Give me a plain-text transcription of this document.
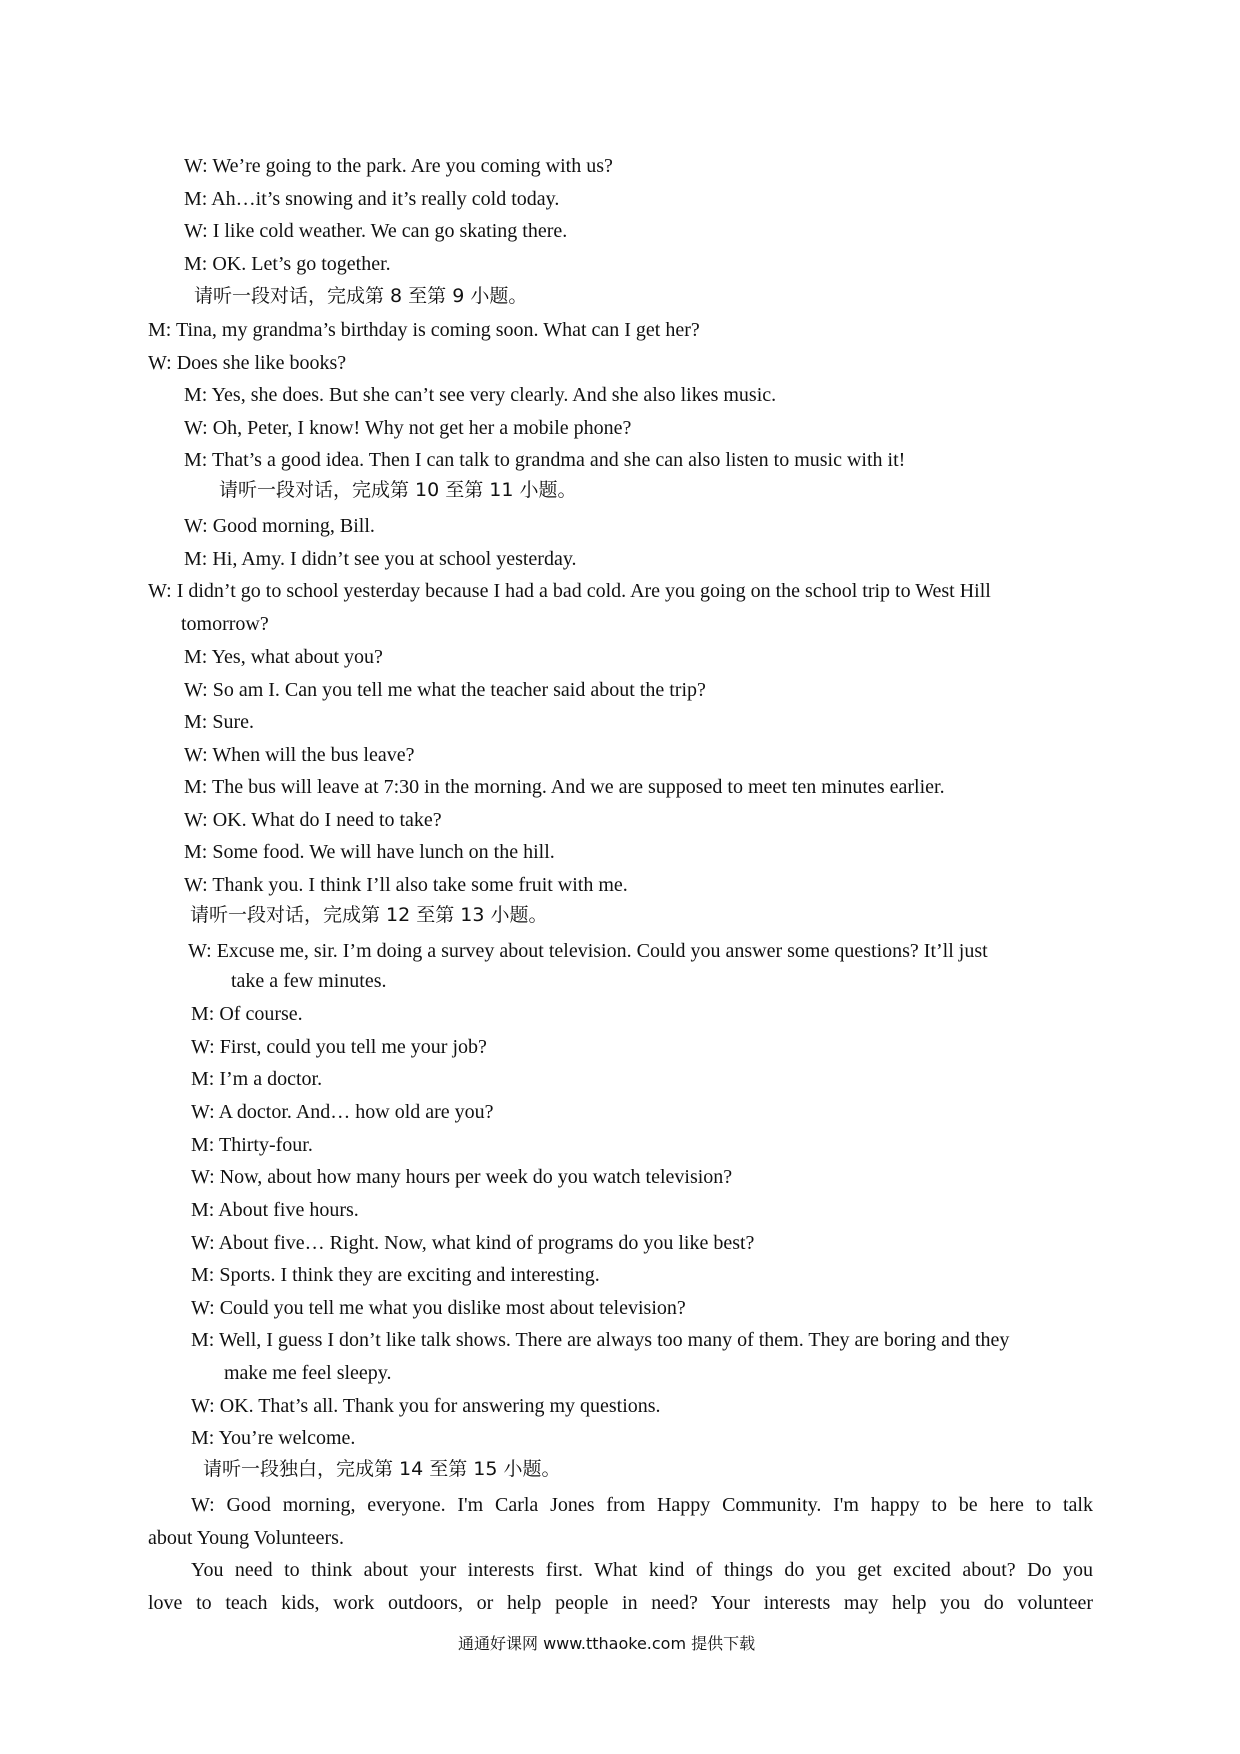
W: We’re going to the park. Are you coming with us?
M: Ah…it’s snowing and it’s really cold today.
W: I like cold weather. We can go skating there.
M: OK. Let’s go together.
请听一段对话，完成第 8 至第 9 小题。
M: Tina, my grandma’s birthday is coming soon. What can I get her?
W: Does she like books?
M: Yes, she does. But she can’t see very clearly. And she also likes music.
W: Oh, Peter, I know! Why not get her a mobile phone?
M: That’s a good idea. Then I can talk to grandma and she can also listen to music with it!
请听一段对话，完成第 10 至第 11 小题。
W: Good morning, Bill.
M: Hi, Amy. I didn’t see you at school yesterday.
W: I didn’t go to school yesterday because I had a bad cold. Are you going on the school trip to West Hill
tomorrow?
M: Yes, what about you?
W: So am I. Can you tell me what the teacher said about the trip?
M: Sure.
W: When will the bus leave?
M: The bus will leave at 7:30 in the morning. And we are supposed to meet ten minutes earlier.
W: OK. What do I need to take?
M: Some food. We will have lunch on the hill.
W: Thank you. I think I’ll also take some fruit with me.
请听一段对话，完成第 12 至第 13 小题。
W: Excuse me, sir. I’m doing a survey about television. Could you answer some questions? It’ll just
take a few minutes.
M: Of course.
W: First, could you tell me your job?
M: I’m a doctor.
W: A doctor. And… how old are you?
M: Thirty-four.
W: Now, about how many hours per week do you watch television?
M: About five hours.
W: About five… Right. Now, what kind of programs do you like best?
M: Sports. I think they are exciting and interesting.
W: Could you tell me what you dislike most about television?
M: Well, I guess I don’t like talk shows. There are always too many of them. They are boring and they
make me feel sleepy.
W: OK. That’s all. Thank you for answering my questions.
M: You’re welcome.
请听一段独白，完成第 14 至第 15 小题。
W: Good morning, everyone. I'm Carla Jones from Happy Community. I'm happy to be here to talk
about Young Volunteers.
You need to think about your interests first. What kind of things do you get excited about? Do you
love to teach kids, work outdoors, or help people in need? Your interests may help you do volunteer
通通好课网 www.tthaoke.com 提供下载
